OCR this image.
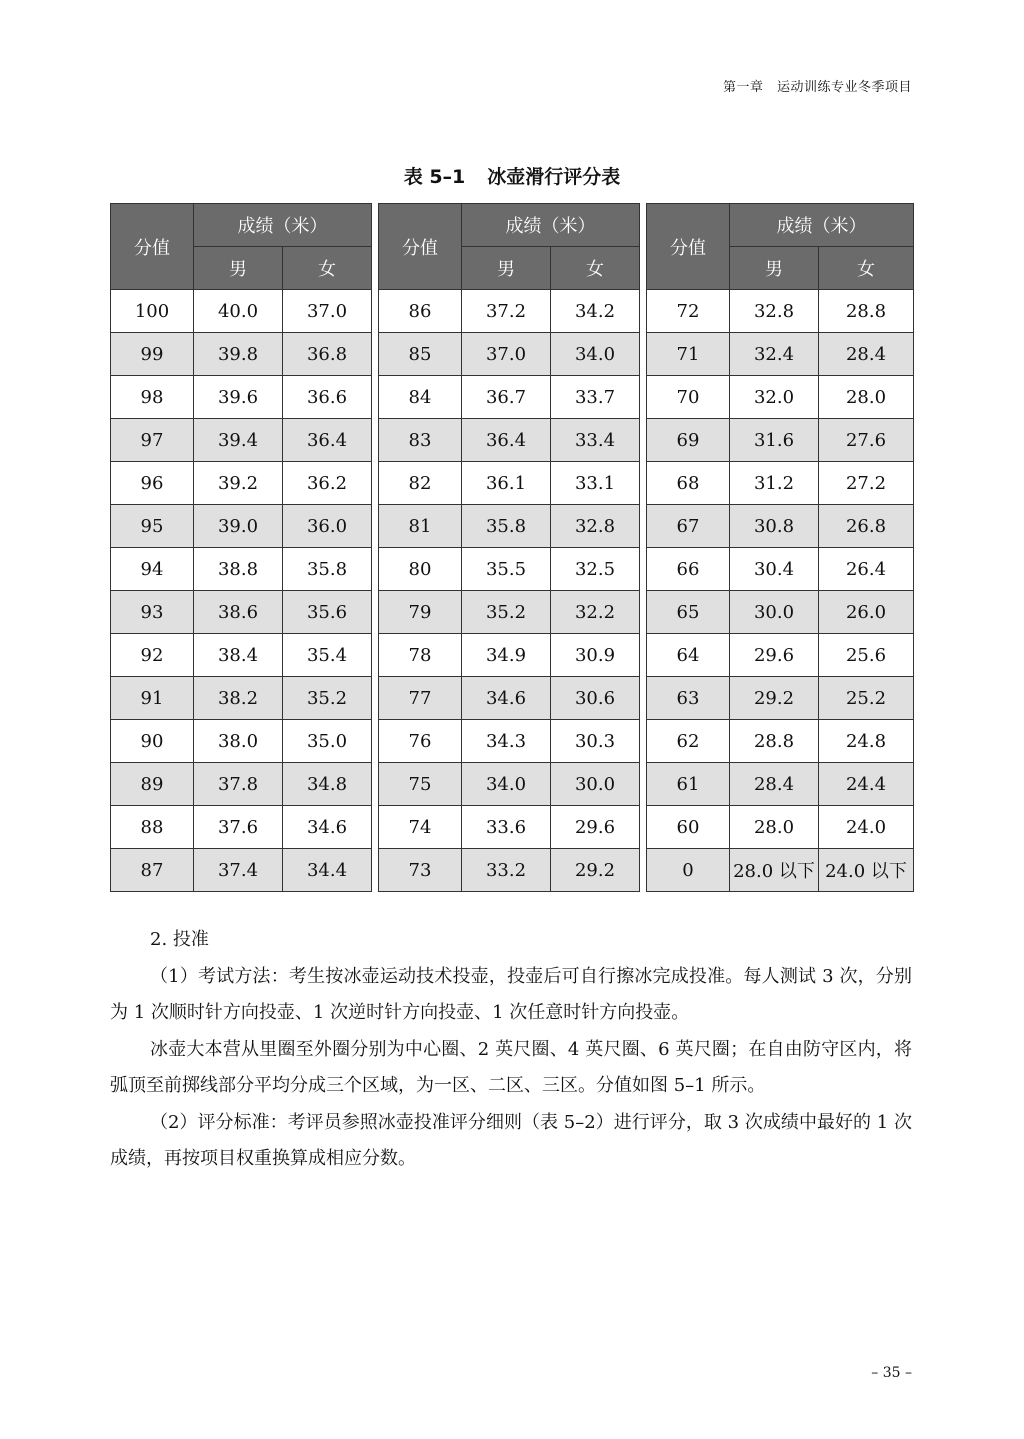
第一章　运动训练专业冬季项目
表 5–1 冰壶滑行评分表
分值	成绩（米）	
	男	女
100	40.0	37.0
99	39.8	36.8
98	39.6	36.6
97	39.4	36.4
96	39.2	36.2
95	39.0	36.0
94	38.8	35.8
93	38.6	35.6
92	38.4	35.4
91	38.2	35.2
90	38.0	35.0
89	37.8	34.8
88	37.6	34.6
87	37.4	34.4
分值	成绩（米）	
	男	女
86	37.2	34.2
85	37.0	34.0
84	36.7	33.7
83	36.4	33.4
82	36.1	33.1
81	35.8	32.8
80	35.5	32.5
79	35.2	32.2
78	34.9	30.9
77	34.6	30.6
76	34.3	30.3
75	34.0	30.0
74	33.6	29.6
73	33.2	29.2
分值	成绩（米）	
	男	女
72	32.8	28.8
71	32.4	28.4
70	32.0	28.0
69	31.6	27.6
68	31.2	27.2
67	30.8	26.8
66	30.4	26.4
65	30.0	26.0
64	29.6	25.6
63	29.2	25.2
62	28.8	24.8
61	28.4	24.4
60	28.0	24.0
0	28.0 以下	24.0 以下

2. 投准

（1）考试方法：考生按冰壶运动技术投壶，投壶后可自行擦冰完成投准。每人测试 3 次，分别为 1 次顺时针方向投壶、1 次逆时针方向投壶、1 次任意时针方向投壶。

冰壶大本营从里圈至外圈分别为中心圈、2 英尺圈、4 英尺圈、6 英尺圈；在自由防守区内，将弧顶至前掷线部分平均分成三个区域，为一区、二区、三区。分值如图 5–1 所示。

（2）评分标准：考评员参照冰壶投准评分细则（表 5–2）进行评分，取 3 次成绩中最好的 1 次成绩，再按项目权重换算成相应分数。

– 35 –
